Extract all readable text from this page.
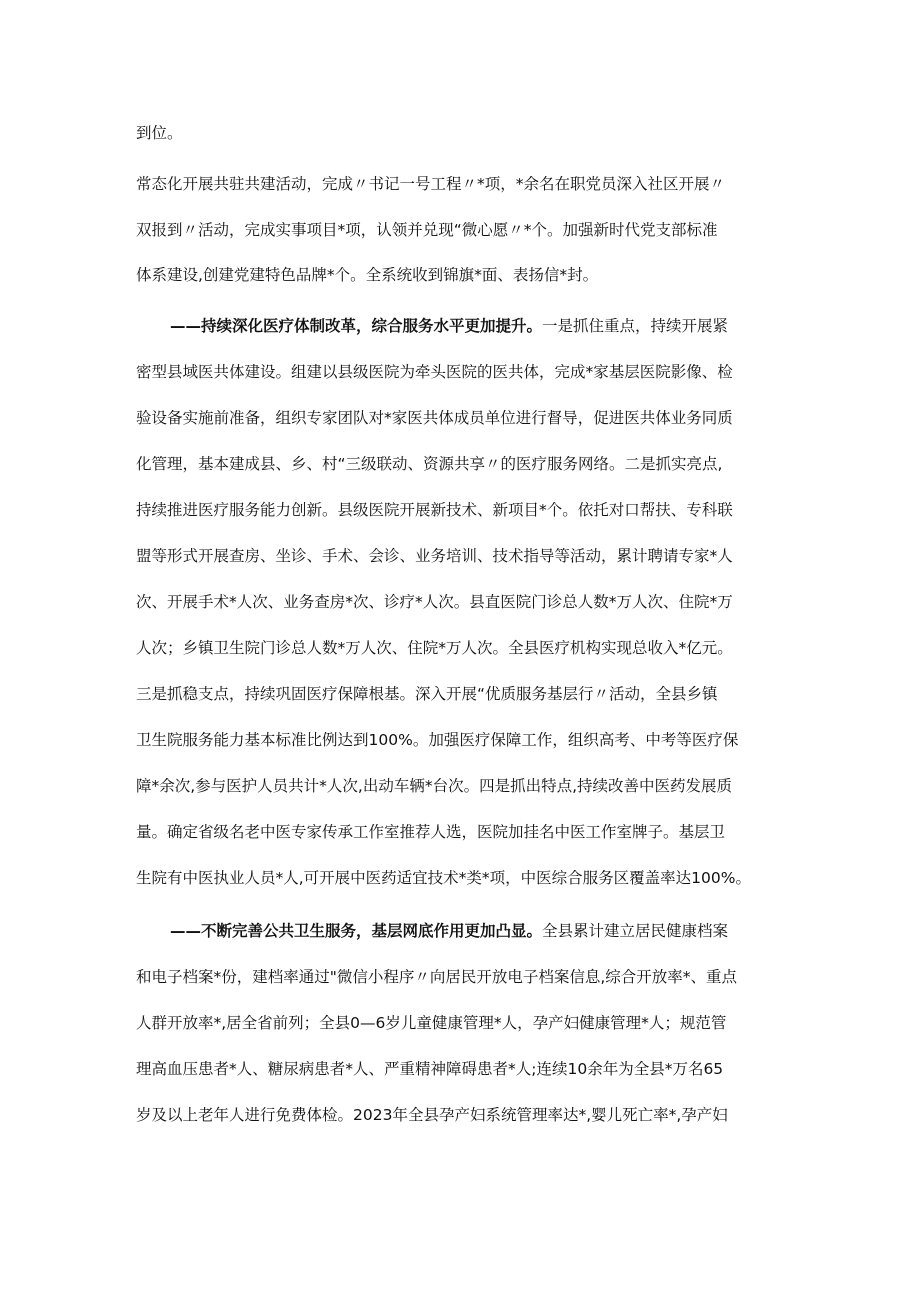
到位。
常态化开展共驻共建活动，完成〃书记一号工程〃*项，*余名在职党员深入社区开展〃
双报到〃活动，完成实事项目*项，认领并兑现“微心愿〃*个。加强新时代党支部标准
体系建设,创建党建特色品牌*个。全系统收到锦旗*面、表扬信*封。
——持续深化医疗体制改革，综合服务水平更加提升。一是抓住重点，持续开展紧
密型县域医共体建设。组建以县级医院为牵头医院的医共体，完成*家基层医院影像、检
验设备实施前准备，组织专家团队对*家医共体成员单位进行督导，促进医共体业务同质
化管理，基本建成县、乡、村“三级联动、资源共享〃的医疗服务网络。二是抓实亮点,
持续推进医疗服务能力创新。县级医院开展新技术、新项目*个。依托对口帮扶、专科联
盟等形式开展查房、坐诊、手术、会诊、业务培训、技术指导等活动，累计聘请专家*人
次、开展手术*人次、业务查房*次、诊疗*人次。县直医院门诊总人数*万人次、住院*万
人次；乡镇卫生院门诊总人数*万人次、住院*万人次。全县医疗机构实现总收入*亿元。
三是抓稳支点，持续巩固医疗保障根基。深入开展“优质服务基层行〃活动，全县乡镇
卫生院服务能力基本标准比例达到100%。加强医疗保障工作，组织高考、中考等医疗保
障*余次,参与医护人员共计*人次,出动车辆*台次。四是抓出特点,持续改善中医药发展质
量。确定省级名老中医专家传承工作室推荐人选，医院加挂名中医工作室牌子。基层卫
生院有中医执业人员*人,可开展中医药适宜技术*类*项，中医综合服务区覆盖率达100%。
——不断完善公共卫生服务，基层网底作用更加凸显。全县累计建立居民健康档案
和电子档案*份，建档率通过"微信小程序〃向居民开放电子档案信息,综合开放率*、重点
人群开放率*,居全省前列；全县0—6岁儿童健康管理*人，孕产妇健康管理*人；规范管
理高血压患者*人、糖尿病患者*人、严重精神障碍患者*人;连续10余年为全县*万名65
岁及以上老年人进行免费体检。2023年全县孕产妇系统管理率达*,婴儿死亡率*,孕产妇
